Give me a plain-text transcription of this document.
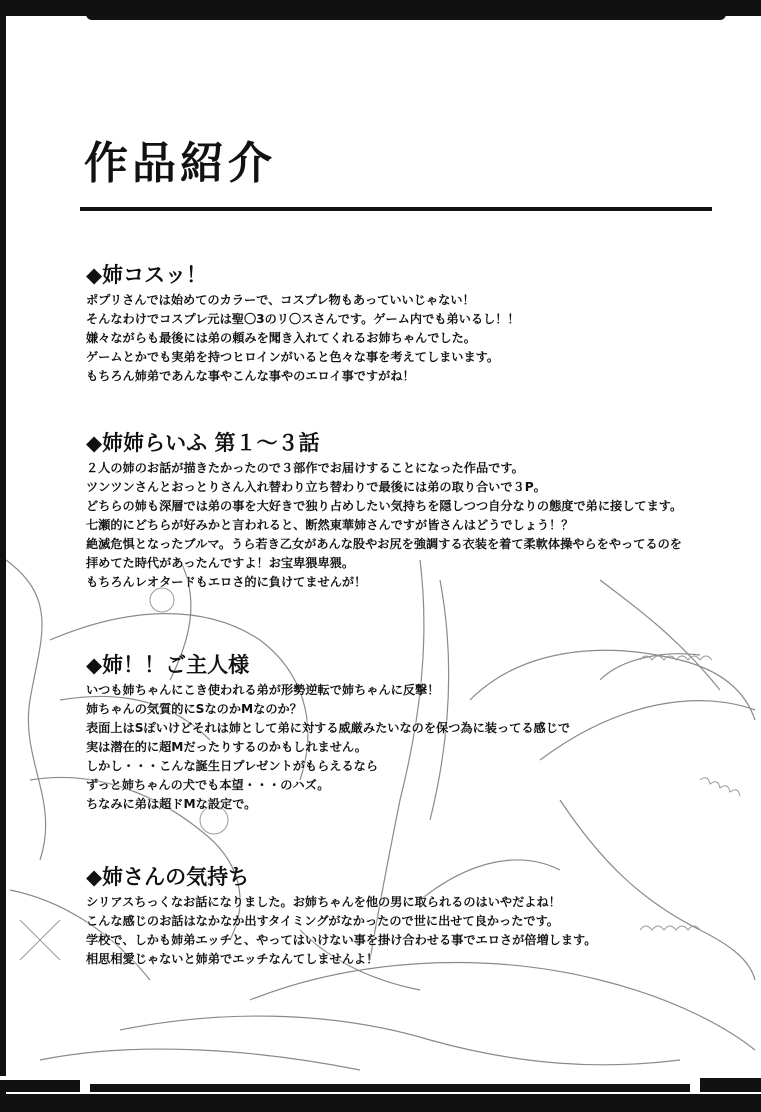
作品紹介
◆姉コスッ！

ポプリさんでは始めてのカラーで、コスプレ物もあっていいじゃない！

そんなわけでコスプレ元は聖〇3のリ〇スさんです。ゲーム内でも弟いるし！！

嫌々ながらも最後には弟の頼みを聞き入れてくれるお姉ちゃんでした。

ゲームとかでも実弟を持つヒロインがいると色々な事を考えてしまいます。

もちろん姉弟であんな事やこんな事やのエロイ事ですがね！

◆姉姉らいふ 第１～３話

２人の姉のお話が描きたかったので３部作でお届けすることになった作品です。

ツンツンさんとおっとりさん入れ替わり立ち替わりで最後には弟の取り合いで３P。

どちらの姉も深層では弟の事を大好きで独り占めしたい気持ちを隠しつつ自分なりの態度で弟に接してます。

七瀬的にどちらが好みかと言われると、断然東華姉さんですが皆さんはどうでしょう！？

絶滅危惧となったブルマ。うら若き乙女があんな股やお尻を強調する衣装を着て柔軟体操やらをやってるのを

拝めてた時代があったんですよ！お宝卑猥卑猥。

もちろんレオタードもエロさ的に負けてませんが！

◆姉！！ご主人様

いつも姉ちゃんにこき使われる弟が形勢逆転で姉ちゃんに反撃！

姉ちゃんの気質的にSなのかMなのか？

表面上はSぽいけどそれは姉として弟に対する威厳みたいなのを保つ為に装ってる感じで

実は潜在的に超Mだったりするのかもしれません。

しかし・・・こんな誕生日プレゼントがもらえるなら

ずっと姉ちゃんの犬でも本望・・・のハズ。

ちなみに弟は超ドMな設定で。

◆姉さんの気持ち

シリアスちっくなお話になりました。お姉ちゃんを他の男に取られるのはいやだよね！

こんな感じのお話はなかなか出すタイミングがなかったので世に出せて良かったです。

学校で、しかも姉弟エッチと、やってはいけない事を掛け合わせる事でエロさが倍増します。

相思相愛じゃないと姉弟でエッチなんてしませんよ！
